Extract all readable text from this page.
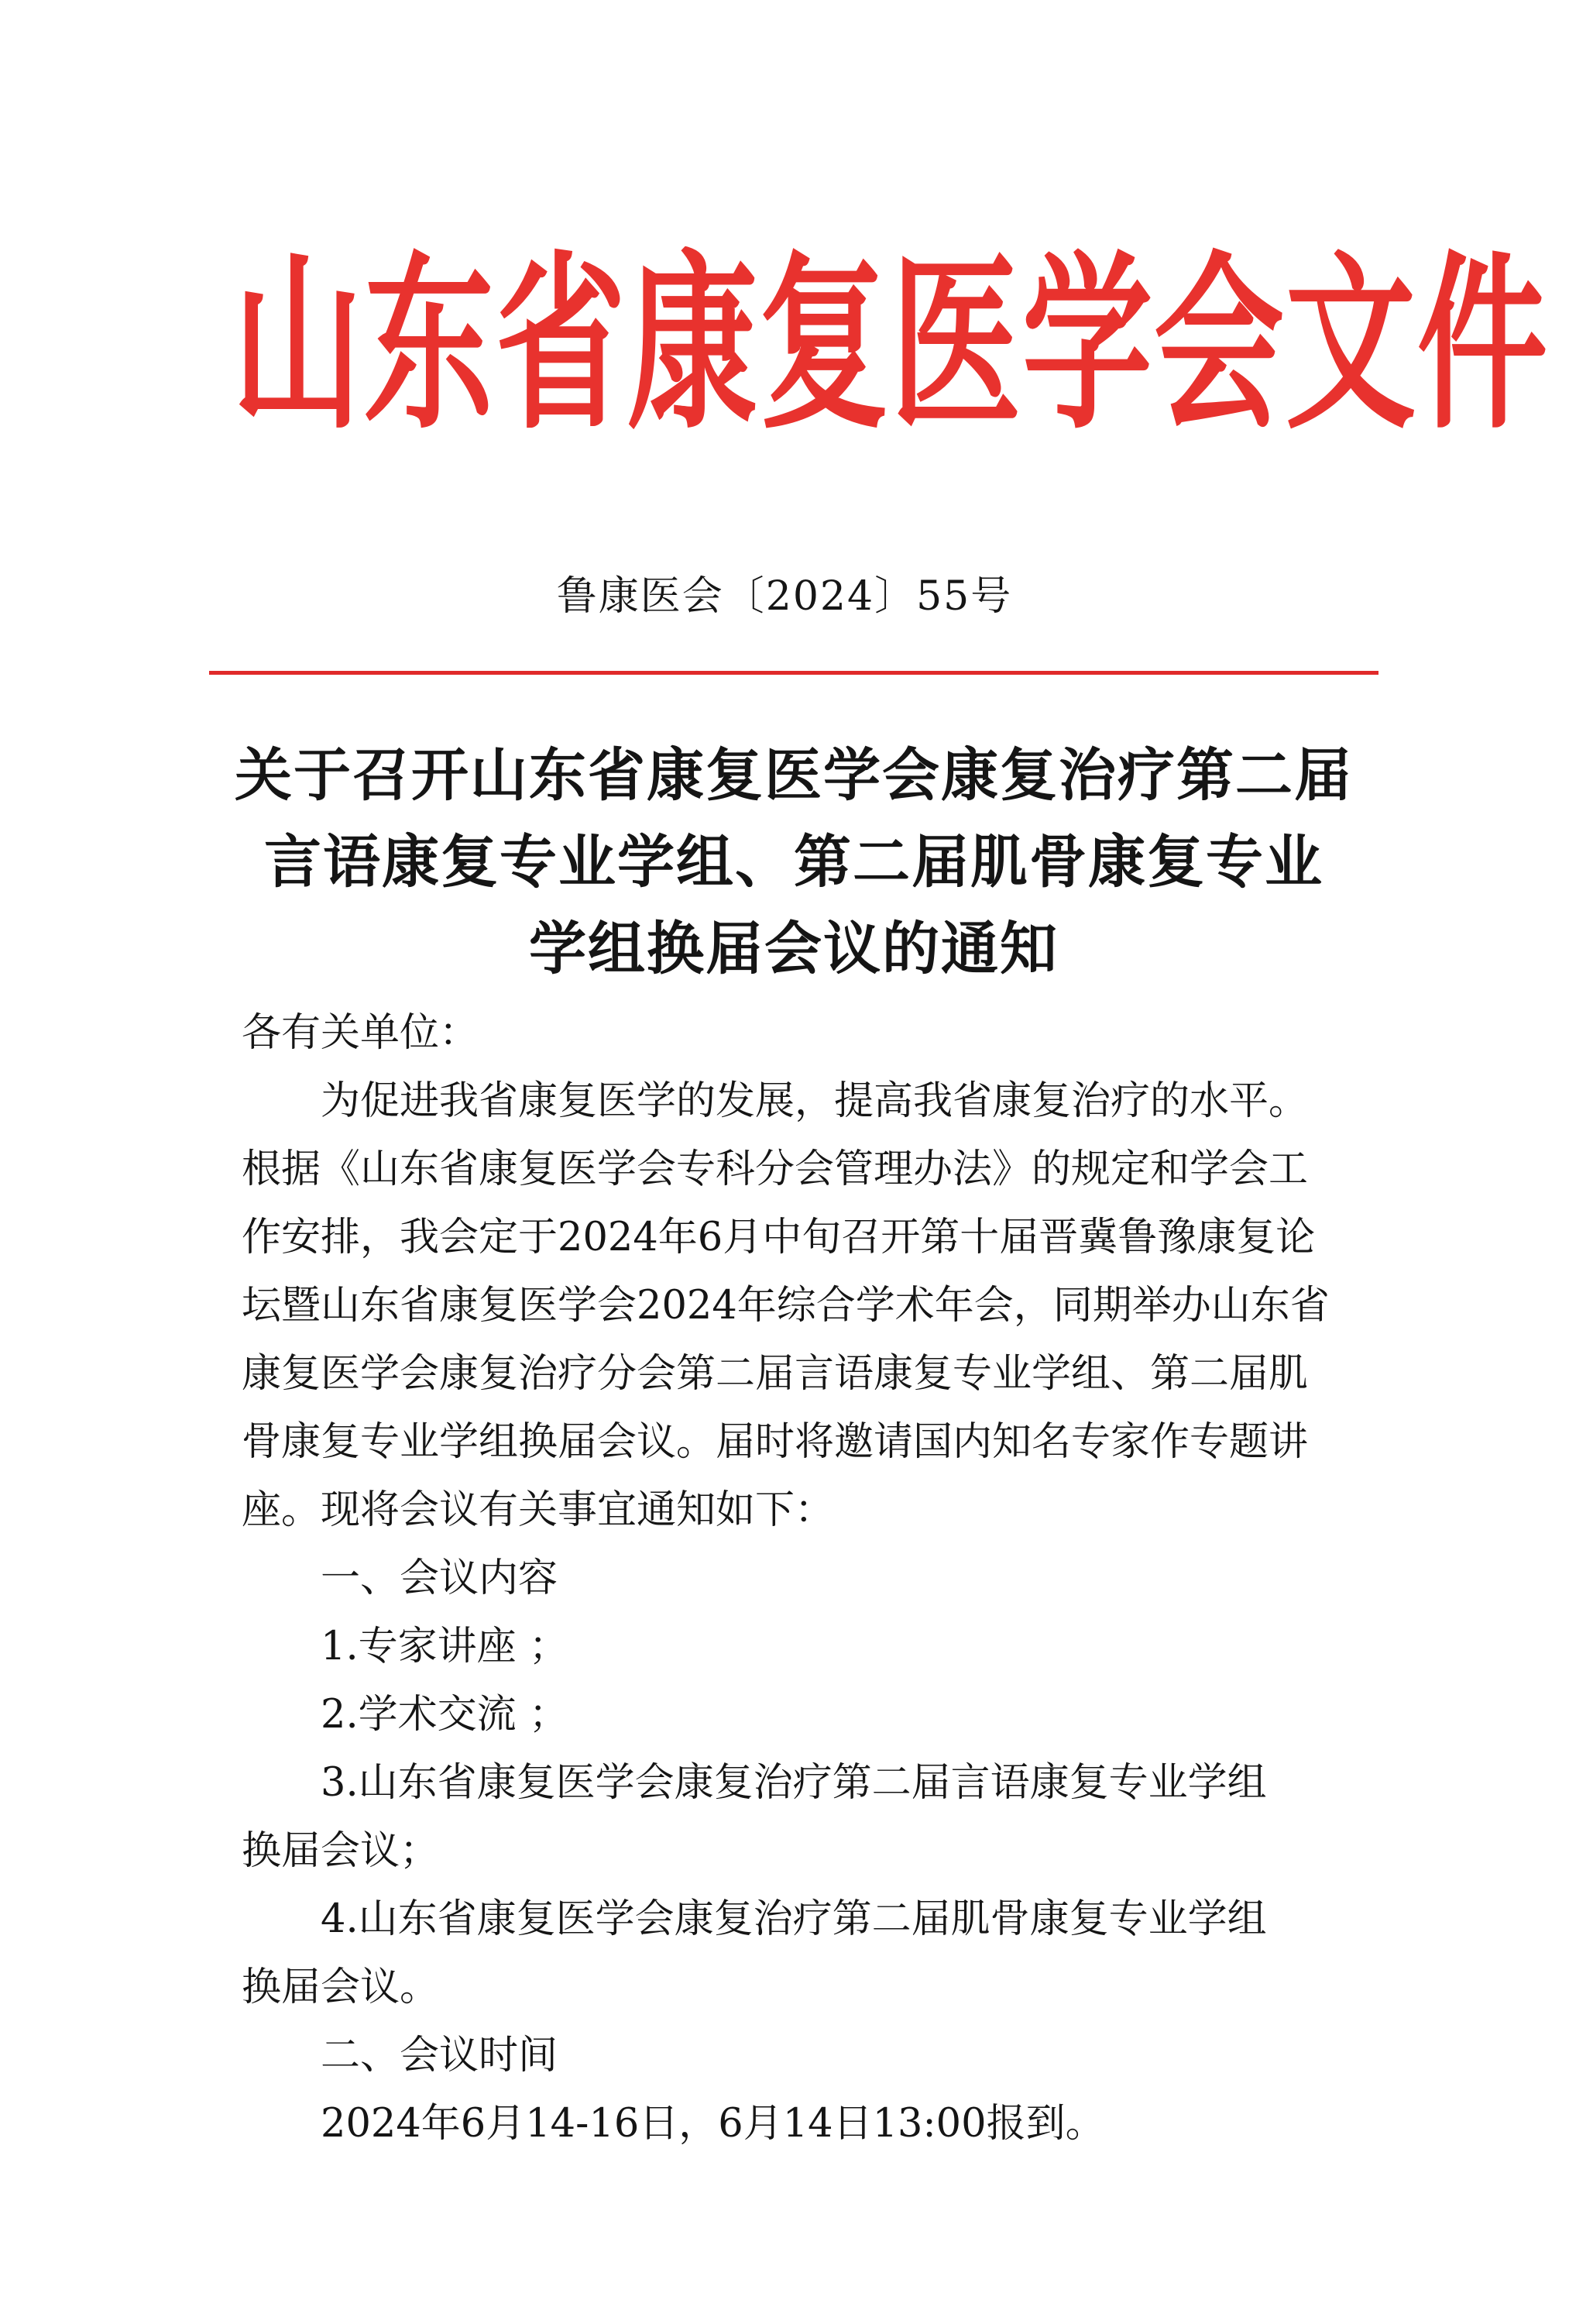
山东省康复医学会文件
鲁康医会〔2024〕55号
关于召开山东省康复医学会康复治疗第二届
言语康复专业学组、第二届肌骨康复专业
学组换届会议的通知
各有关单位：
为促进我省康复医学的发展，提高我省康复治疗的水平。
根据《山东省康复医学会专科分会管理办法》的规定和学会工
作安排，我会定于2024年6月中旬召开第十届晋冀鲁豫康复论
坛暨山东省康复医学会2024年综合学术年会，同期举办山东省
康复医学会康复治疗分会第二届言语康复专业学组、第二届肌
骨康复专业学组换届会议。届时将邀请国内知名专家作专题讲
座。现将会议有关事宜通知如下：
一、会议内容
1.专家讲座 ；
2.学术交流 ；
3.山东省康复医学会康复治疗第二届言语康复专业学组
换届会议；
4.山东省康复医学会康复治疗第二届肌骨康复专业学组
换届会议。
二、会议时间
2024年6月14-16日，6月14日13:00报到。
